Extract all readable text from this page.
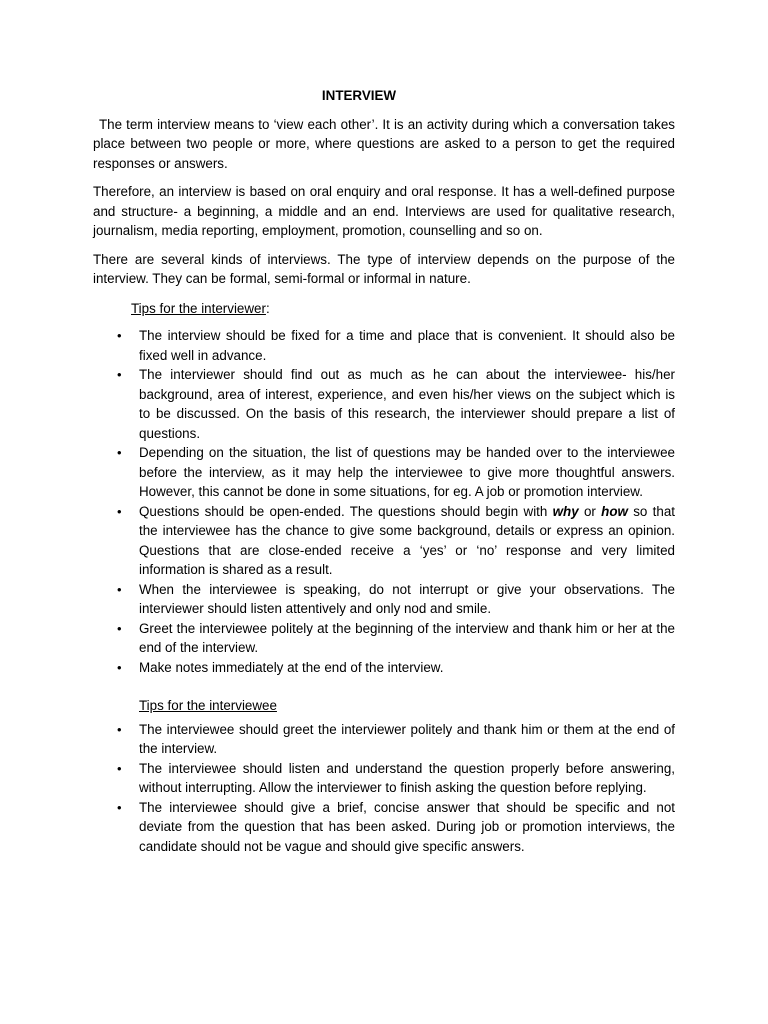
INTERVIEW

The term interview means to ‘view each other’. It is an activity during which a conversation takes place between two people or more, where questions are asked to a person to get the required responses or answers.

Therefore, an interview is based on oral enquiry and oral response. It has a well-defined purpose and structure- a beginning, a middle and an end. Interviews are used for qualitative research, journalism, media reporting, employment, promotion, counselling and so on.

There are several kinds of interviews. The type of interview depends on the purpose of the interview. They can be formal, semi-formal or informal in nature.

Tips for the interviewer:
• The interview should be fixed for a time and place that is convenient. It should also be fixed well in advance.
• The interviewer should find out as much as he can about the interviewee- his/her background, area of interest, experience, and even his/her views on the subject which is to be discussed. On the basis of this research, the interviewer should prepare a list of questions.
• Depending on the situation, the list of questions may be handed over to the interviewee before the interview, as it may help the interviewee to give more thoughtful answers. However, this cannot be done in some situations, for eg. A job or promotion interview.
• Questions should be open-ended. The questions should begin with why or how so that the interviewee has the chance to give some background, details or express an opinion. Questions that are close-ended receive a ‘yes’ or ‘no’ response and very limited information is shared as a result.
• When the interviewee is speaking, do not interrupt or give your observations. The interviewer should listen attentively and only nod and smile.
• Greet the interviewee politely at the beginning of the interview and thank him or her at the end of the interview.
• Make notes immediately at the end of the interview.
Tips for the interviewee
• The interviewee should greet the interviewer politely and thank him or them at the end of the interview.
• The interviewee should listen and understand the question properly before answering, without interrupting. Allow the interviewer to finish asking the question before replying.
• The interviewee should give a brief, concise answer that should be specific and not deviate from the question that has been asked. During job or promotion interviews, the candidate should not be vague and should give specific answers.
